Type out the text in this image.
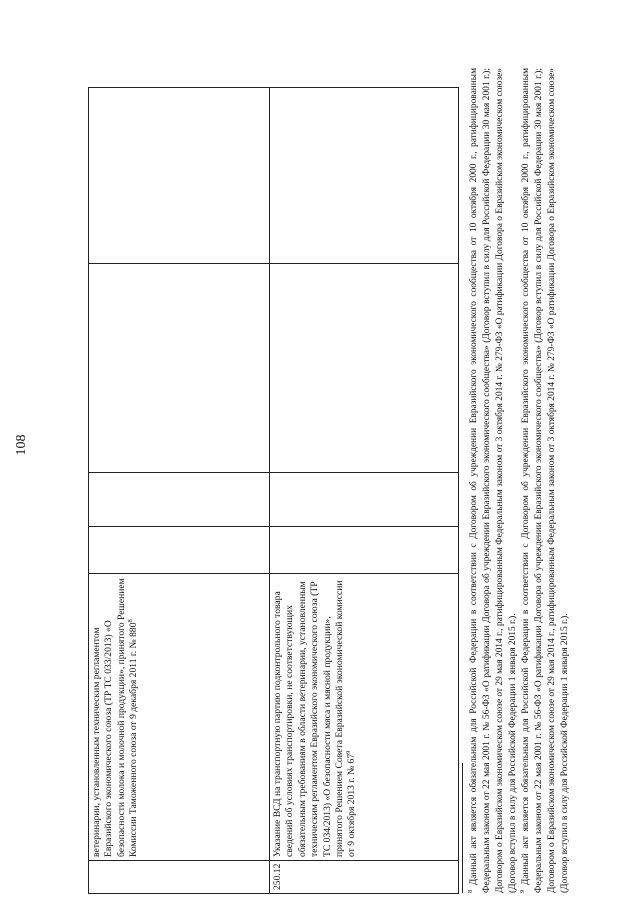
108
	ветеринарии, установленным техническим регламентом Евразийского экономического союза (ТР ТС 033/2013) «О безопасности молока и молочной продукции», принятого Решением Комиссии Таможенного союза от 9 декабря 2011 г. № $880^8$				
250.12	Указание ВСД на транспортную партию подконтрольного товара сведений об условиях транспортировки, не соответствующих обязательным требованиям в области ветеринарии, установленным техническим регламентом Евразийского экономического союза (ТР ТС 034/2013) «О безопасности мяса и мясной продукции», принятого Решением Совета Евразийской экономической комиссии от 9 октября 2013 г. № $67^9$				

$^8$ Данный акт является обязательным для Российской Федерации в соответствии с Договором об учреждении Евразийского экономического сообщества от 10 октября 2000 г., ратифицированным Федеральным законом от 22 мая 2001 г. № 56-ФЗ «О ратификации Договора об учреждении Евразийского экономического сообщества» (Договор вступил в силу для Российской Федерации 30 мая 2001 г.); Договором о Евразийском экономическом союзе от 29 мая 2014 г., ратифицированным Федеральным законом от 3 октября 2014 г. № 279-ФЗ «О ратификации Договора о Евразийском экономическом союзе» (Договор вступил в силу для Российской Федерации 1 января 2015 г.). $^9$ Данный акт является обязательным для Российской Федерации в соответствии с Договором об учреждении Евразийского экономического сообщества от 10 октября 2000 г., ратифицированным Федеральным законом от 22 мая 2001 г. № 56-ФЗ «О ратификации Договора об учреждении Евразийского экономического сообщества» (Договор вступил в силу для Российской Федерации 30 мая 2001 г.); Договором о Евразийском экономическом союзе от 29 мая 2014 г., ратифицированным Федеральным законом от 3 октября 2014 г. № 279-ФЗ «О ратификации Договора о Евразийском экономическом союзе» (Договор вступил в силу для Российской Федерации 1 января 2015 г.).
